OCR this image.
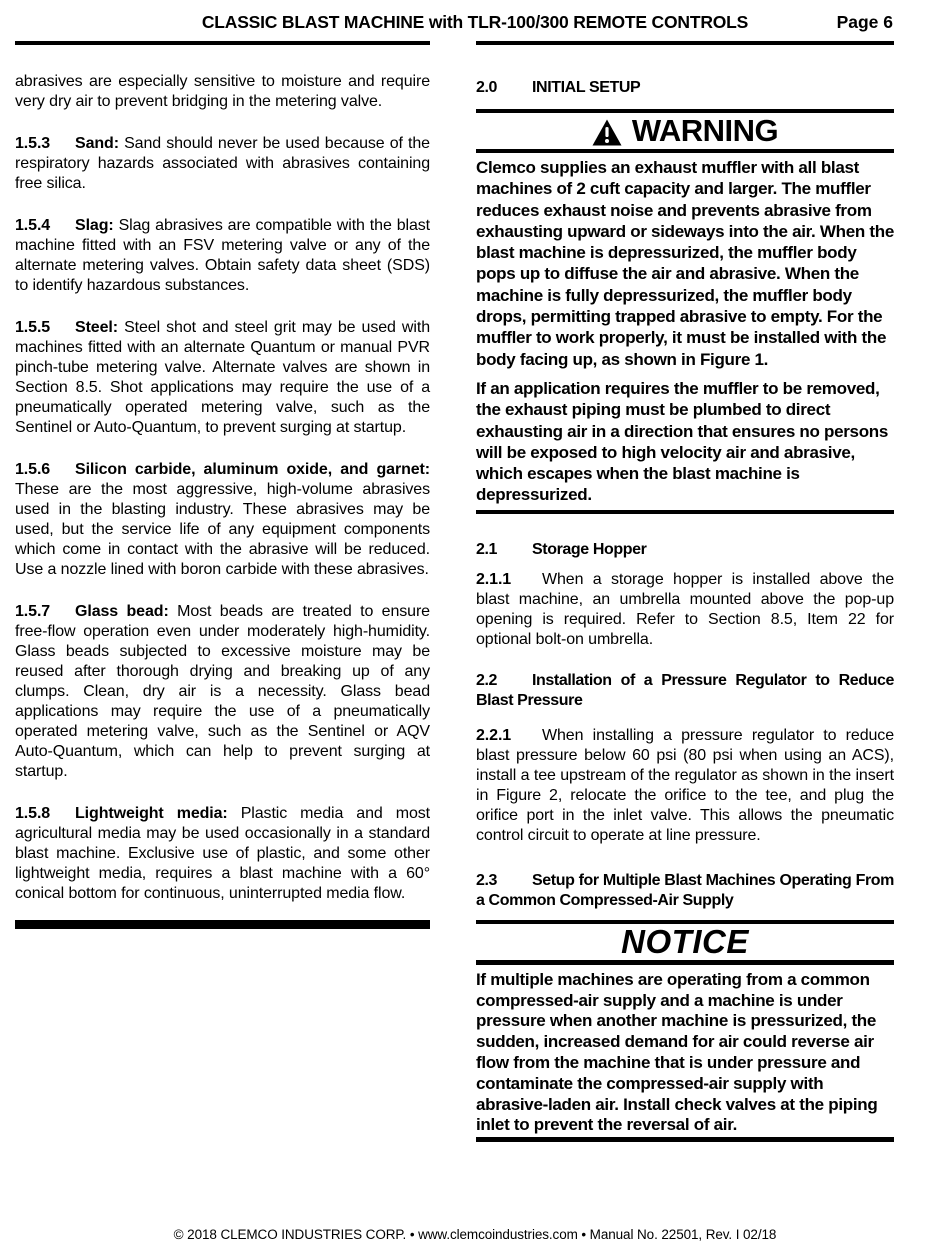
CLASSIC BLAST MACHINE with TLR-100/300 REMOTE CONTROLS	Page 6

abrasives are especially sensitive to moisture and require very dry air to prevent bridging in the metering valve.

1.5.3 Sand: Sand should never be used because of the respiratory hazards associated with abrasives containing free silica.

1.5.4 Slag: Slag abrasives are compatible with the blast machine fitted with an FSV metering valve or any of the alternate metering valves. Obtain safety data sheet (SDS) to identify hazardous substances.

1.5.5 Steel: Steel shot and steel grit may be used with machines fitted with an alternate Quantum or manual PVR pinch-tube metering valve. Alternate valves are shown in Section 8.5. Shot applications may require the use of a pneumatically operated metering valve, such as the Sentinel or Auto-Quantum, to prevent surging at startup.

1.5.6 Silicon carbide, aluminum oxide, and garnet: These are the most aggressive, high-volume abrasives used in the blasting industry. These abrasives may be used, but the service life of any equipment components which come in contact with the abrasive will be reduced. Use a nozzle lined with boron carbide with these abrasives.

1.5.7 Glass bead: Most beads are treated to ensure free-flow operation even under moderately high-humidity. Glass beads subjected to excessive moisture may be reused after thorough drying and breaking up of any clumps. Clean, dry air is a necessity. Glass bead applications may require the use of a pneumatically operated metering valve, such as the Sentinel or AQV Auto-Quantum, which can help to prevent surging at startup.

1.5.8 Lightweight media: Plastic media and most agricultural media may be used occasionally in a standard blast machine. Exclusive use of plastic, and some other lightweight media, requires a blast machine with a 60° conical bottom for continuous, uninterrupted media flow.

2.0 INITIAL SETUP

WARNING

Clemco supplies an exhaust muffler with all blast machines of 2 cuft capacity and larger. The muffler reduces exhaust noise and prevents abrasive from exhausting upward or sideways into the air. When the blast machine is depressurized, the muffler body pops up to diffuse the air and abrasive. When the machine is fully depressurized, the muffler body drops, permitting trapped abrasive to empty. For the muffler to work properly, it must be installed with the body facing up, as shown in Figure 1.

If an application requires the muffler to be removed, the exhaust piping must be plumbed to direct exhausting air in a direction that ensures no persons will be exposed to high velocity air and abrasive, which escapes when the blast machine is depressurized.

2.1 Storage Hopper

2.1.1 When a storage hopper is installed above the blast machine, an umbrella mounted above the pop-up opening is required. Refer to Section 8.5, Item 22 for optional bolt-on umbrella.

2.2 Installation of a Pressure Regulator to Reduce Blast Pressure

2.2.1 When installing a pressure regulator to reduce blast pressure below 60 psi (80 psi when using an ACS), install a tee upstream of the regulator as shown in the insert in Figure 2, relocate the orifice to the tee, and plug the orifice port in the inlet valve. This allows the pneumatic control circuit to operate at line pressure.

2.3 Setup for Multiple Blast Machines Operating From a Common Compressed-Air Supply

NOTICE

If multiple machines are operating from a common compressed-air supply and a machine is under pressure when another machine is pressurized, the sudden, increased demand for air could reverse air flow from the machine that is under pressure and contaminate the compressed-air supply with abrasive-laden air. Install check valves at the piping inlet to prevent the reversal of air.

© 2018 CLEMCO INDUSTRIES CORP. • www.clemcoindustries.com • Manual No. 22501, Rev. I 02/18
